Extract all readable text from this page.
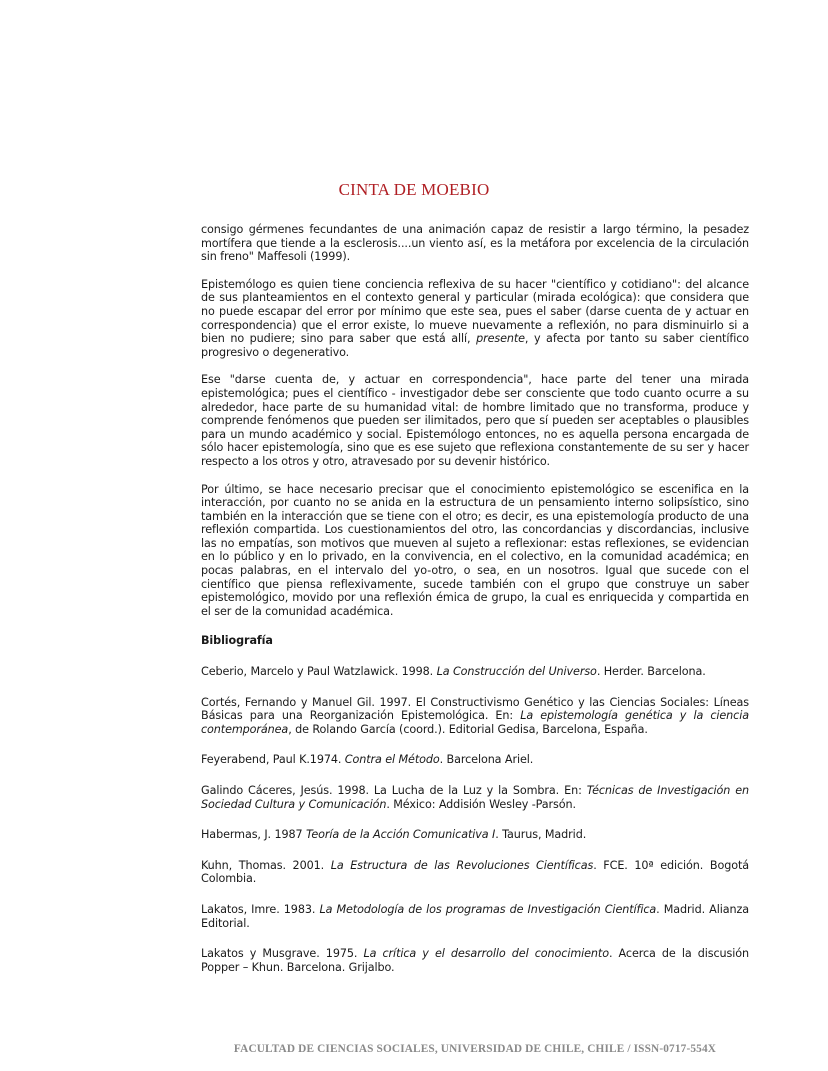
CINTA DE MOEBIO

consigo gérmenes fecundantes de una animación capaz de resistir a largo término, la pesadez mortífera que tiende a la esclerosis....un viento así, es la metáfora por excelencia de la circulación sin freno" Maffesoli (1999).

Epistemólogo es quien tiene conciencia reflexiva de su hacer "científico y cotidiano": del alcance de sus planteamientos en el contexto general y particular (mirada ecológica): que considera que no puede escapar del error por mínimo que este sea, pues el saber (darse cuenta de y actuar en correspondencia) que el error existe, lo mueve nuevamente a reflexión, no para disminuirlo si a bien no pudiere; sino para saber que está allí, presente, y afecta por tanto su saber científico progresivo o degenerativo.

Ese "darse cuenta de, y actuar en correspondencia", hace parte del tener una mirada epistemológica; pues el científico - investigador debe ser consciente que todo cuanto ocurre a su alrededor, hace parte de su humanidad vital: de hombre limitado que no transforma, produce y comprende fenómenos que pueden ser ilimitados, pero que sí pueden ser aceptables o plausibles para un mundo académico y social. Epistemólogo entonces, no es aquella persona encargada de sólo hacer epistemología, sino que es ese sujeto que reflexiona constantemente de su ser y hacer respecto a los otros y otro, atravesado por su devenir histórico.

Por último, se hace necesario precisar que el conocimiento epistemológico se escenifica en la interacción, por cuanto no se anida en la estructura de un pensamiento interno solipsístico, sino también en la interacción que se tiene con el otro; es decir, es una epistemología producto de una reflexión compartida. Los cuestionamientos del otro, las concordancias y discordancias, inclusive las no empatías, son motivos que mueven al sujeto a reflexionar: estas reflexiones, se evidencian en lo público y en lo privado, en la convivencia, en el colectivo, en la comunidad académica; en pocas palabras, en el intervalo del yo-otro, o sea, en un nosotros. Igual que sucede con el científico que piensa reflexivamente, sucede también con el grupo que construye un saber epistemológico, movido por una reflexión émica de grupo, la cual es enriquecida y compartida en el ser de la comunidad académica.

Bibliografía
Ceberio, Marcelo y Paul Watzlawick. 1998. La Construcción del Universo. Herder. Barcelona.
Cortés, Fernando y Manuel Gil. 1997. El Constructivismo Genético y las Ciencias Sociales: Líneas Básicas para una Reorganización Epistemológica. En: La epistemología genética y la ciencia contemporánea, de Rolando García (coord.). Editorial Gedisa, Barcelona, España.
Feyerabend, Paul K.1974. Contra el Método. Barcelona Ariel.
Galindo Cáceres, Jesús. 1998. La Lucha de la Luz y la Sombra. En: Técnicas de Investigación en Sociedad Cultura y Comunicación. México: Addisión Wesley -Parsón.
Habermas, J. 1987 Teoría de la Acción Comunicativa I. Taurus, Madrid.
Kuhn, Thomas. 2001. La Estructura de las Revoluciones Científicas. FCE. 10ª edición. Bogotá Colombia.
Lakatos, Imre. 1983. La Metodología de los programas de Investigación Científica. Madrid. Alianza Editorial.
Lakatos y Musgrave. 1975. La crítica y el desarrollo del conocimiento. Acerca de la discusión Popper – Khun. Barcelona. Grijalbo.
FACULTAD DE CIENCIAS SOCIALES, UNIVERSIDAD DE CHILE, CHILE / ISSN-0717-554X
